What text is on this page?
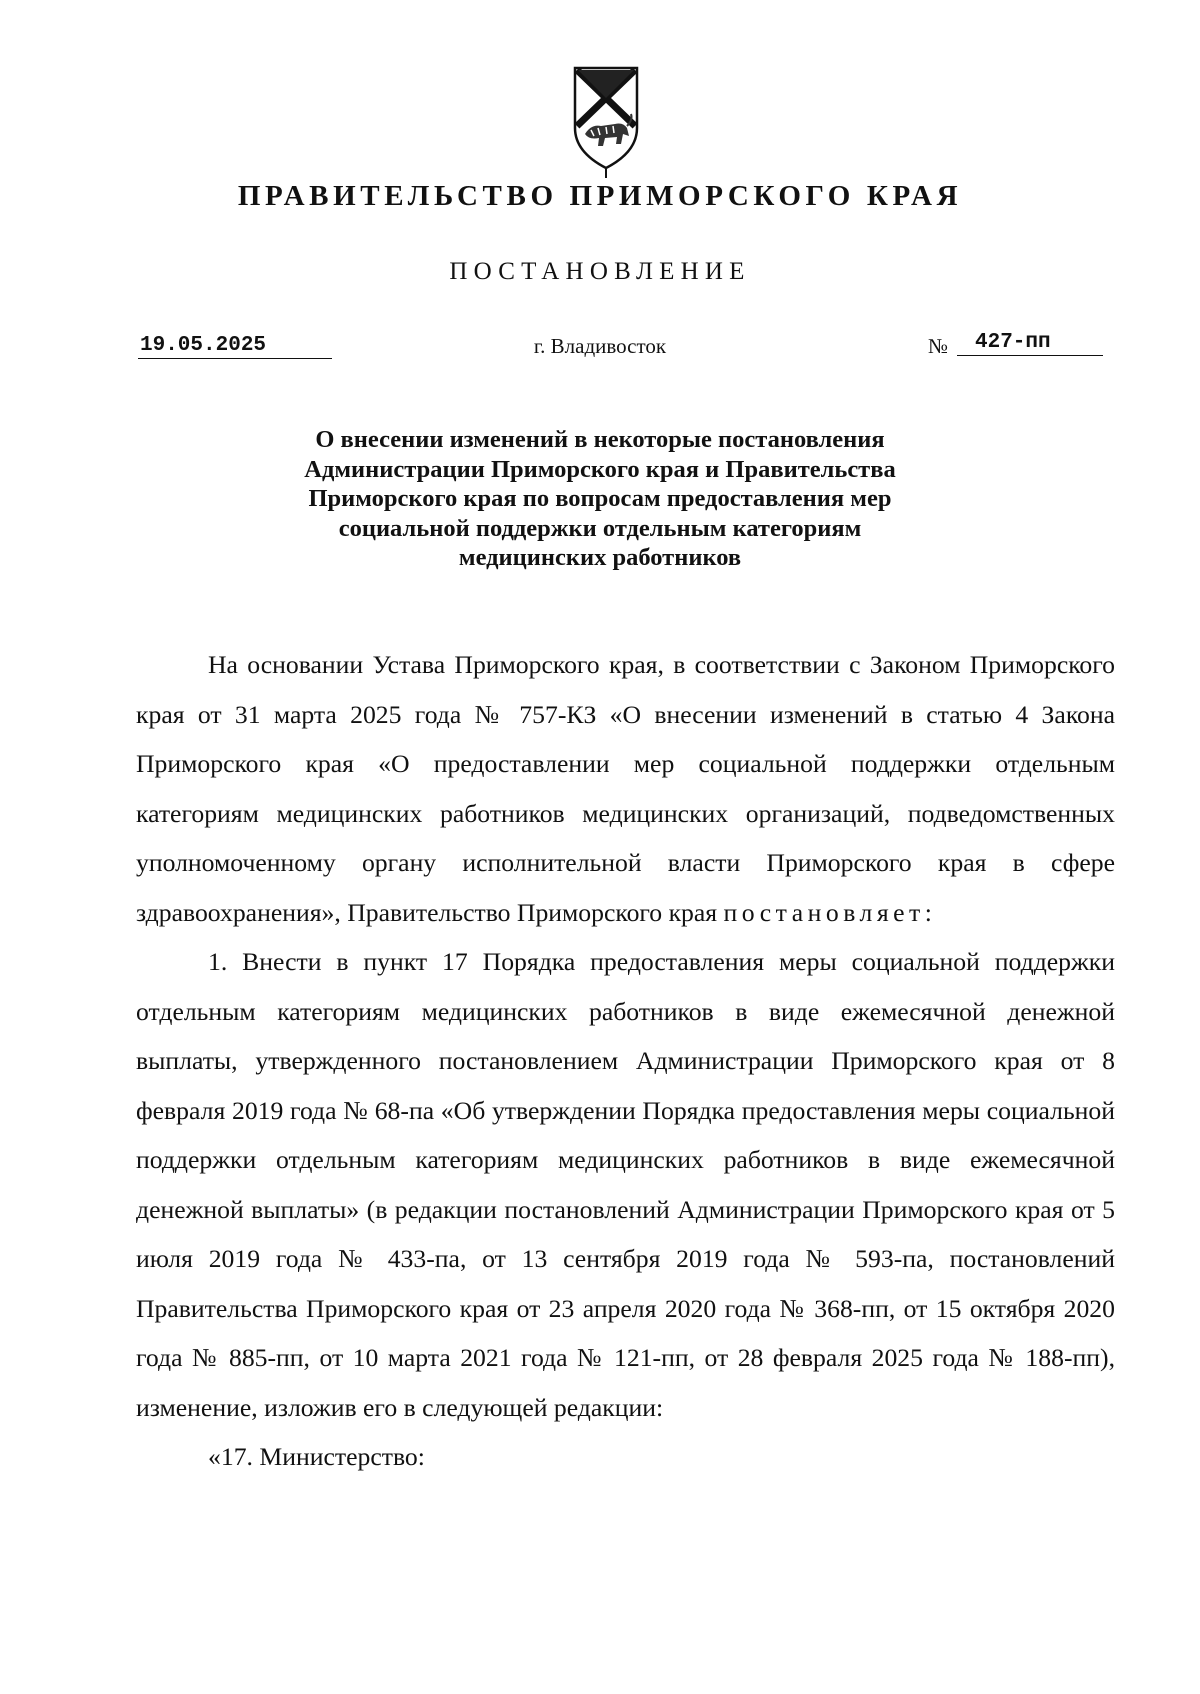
ПРАВИТЕЛЬСТВО ПРИМОРСКОГО КРАЯ
ПОСТАНОВЛЕНИЕ
19.05.2025	г. Владивосток	№	427-пп
О внесении изменений в некоторые постановления
Администрации Приморского края и Правительства
Приморского края по вопросам предоставления мер
социальной поддержки отдельным категориям
медицинских работников

На основании Устава Приморского края, в соответствии с Законом Приморского края от 31 марта 2025 года № 757-КЗ «О внесении изменений в статью 4 Закона Приморского края «О предоставлении мер социальной поддержки отдельным категориям медицинских работников медицинских организаций, подведомственных уполномоченному органу исполнительной власти Приморского края в сфере здравоохранения», Правительство Приморского края постановляет:

1. Внести в пункт 17 Порядка предоставления меры социальной поддержки отдельным категориям медицинских работников в виде ежемесячной денежной выплаты, утвержденного постановлением Администрации Приморского края от 8 февраля 2019 года № 68-па «Об утверждении Порядка предоставления меры социальной поддержки отдельным категориям медицинских работников в виде ежемесячной денежной выплаты» (в редакции постановлений Администрации Приморского края от 5 июля 2019 года № 433-па, от 13 сентября 2019 года № 593-па, постановлений Правительства Приморского края от 23 апреля 2020 года № 368-пп, от 15 октября 2020 года № 885-пп, от 10 марта 2021 года № 121-пп, от 28 февраля 2025 года № 188-пп), изменение, изложив его в следующей редакции:

«17. Министерство:
